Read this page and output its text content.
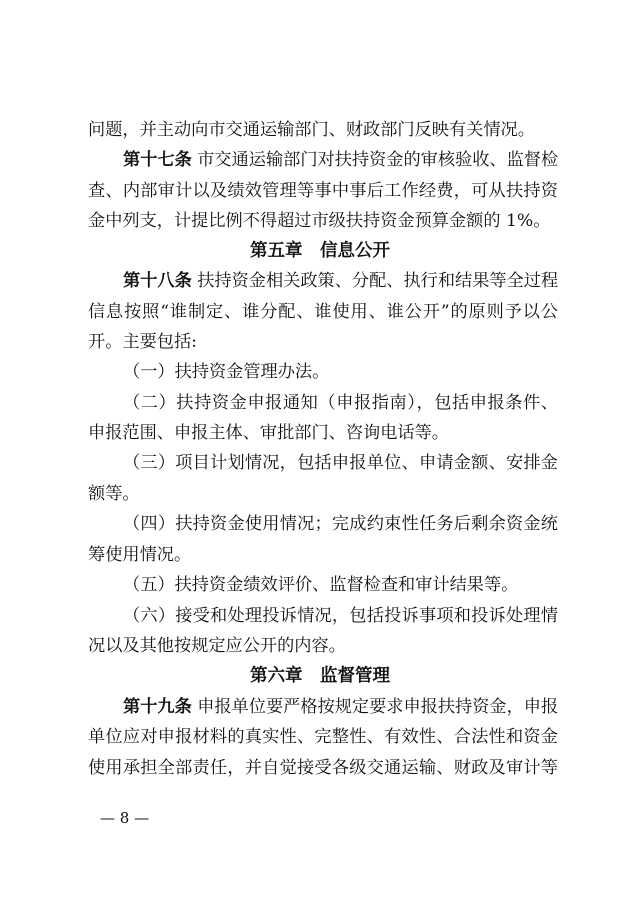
问题，并主动向市交通运输部门、财政部门反映有关情况。
第十七条 市交通运输部门对扶持资金的审核验收、监督检
查、内部审计以及绩效管理等事中事后工作经费，可从扶持资
金中列支，计提比例不得超过市级扶持资金预算金额的 1%。
第五章　信息公开
第十八条 扶持资金相关政策、分配、执行和结果等全过程
信息按照“谁制定、谁分配、谁使用、谁公开”的原则予以公
开。主要包括:
（一）扶持资金管理办法。
（二）扶持资金申报通知（申报指南），包括申报条件、
申报范围、申报主体、审批部门、咨询电话等。
（三）项目计划情况，包括申报单位、申请金额、安排金
额等。
（四）扶持资金使用情况；完成约束性任务后剩余资金统
筹使用情况。
（五）扶持资金绩效评价、监督检查和审计结果等。
（六）接受和处理投诉情况，包括投诉事项和投诉处理情
况以及其他按规定应公开的内容。
第六章　监督管理
第十九条 申报单位要严格按规定要求申报扶持资金，申报
单位应对申报材料的真实性、完整性、有效性、合法性和资金
使用承担全部责任，并自觉接受各级交通运输、财政及审计等
— 8 —
